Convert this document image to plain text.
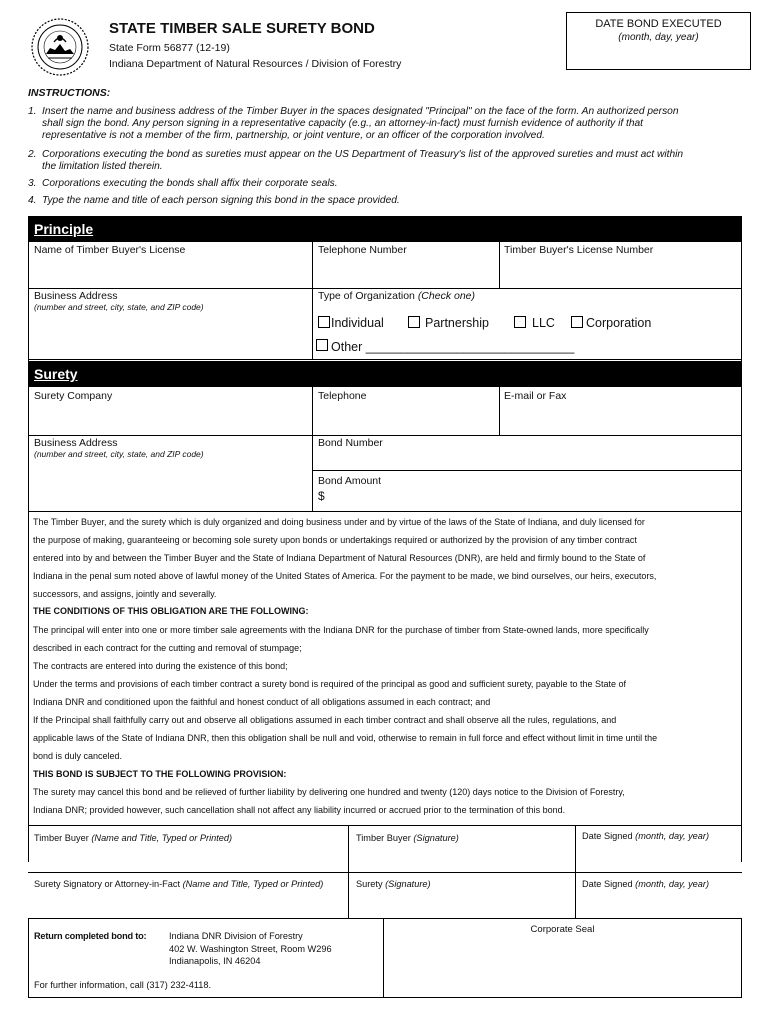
STATE TIMBER SALE SURETY BOND
State Form 56877 (12-19)
Indiana Department of Natural Resources / Division of Forestry
DATE BOND EXECUTED
(month, day, year)
INSTRUCTIONS:
1. Insert the name and business address of the Timber Buyer in the spaces designated "Principal" on the face of the form. An authorized person
shall sign the bond. Any person signing in a representative capacity (e.g., an attorney-in-fact) must furnish evidence of authority if that
representative is not a member of the firm, partnership, or joint venture, or an officer of the corporation involved.
2. Corporations executing the bond as sureties must appear on the US Department of Treasury's list of the approved sureties and must act within
the limitation listed therein.
3. Corporations executing the bonds shall affix their corporate seals.
4. Type the name and title of each person signing this bond in the space provided.
Principle
Name of Timber Buyer's License	Telephone Number	Timber Buyer's License Number
Business Address
(number and street, city, state, and ZIP code)
Type of Organization (Check one)
Individual	Partnership	LLC Corporation
Other ______________________________
Surety
Surety Company	Telephone	E-mail or Fax
Business Address
(number and street, city, state, and ZIP code)
Bond Number
Bond Amount
$
The Timber Buyer, and the surety which is duly organized and doing business under and by virtue of the laws of the State of Indiana, and duly licensed for
the purpose of making, guaranteeing or becoming sole surety upon bonds or undertakings required or authorized by the provision of any timber contract
entered into by and between the Timber Buyer and the State of Indiana Department of Natural Resources (DNR), are held and firmly bound to the State of
Indiana in the penal sum noted above of lawful money of the United States of America. For the payment to be made, we bind ourselves, our heirs, executors,
successors, and assigns, jointly and severally.
THE CONDITIONS OF THIS OBLIGATION ARE THE FOLLOWING:
The principal will enter into one or more timber sale agreements with the Indiana DNR for the purchase of timber from State-owned lands, more specifically
described in each contract for the cutting and removal of stumpage;
The contracts are entered into during the existence of this bond;
Under the terms and provisions of each timber contract a surety bond is required of the principal as good and sufficient surety, payable to the State of
Indiana DNR and conditioned upon the faithful and honest conduct of all obligations assumed in each contract; and
If the Principal shall faithfully carry out and observe all obligations assumed in each timber contract and shall observe all the rules, regulations, and
applicable laws of the State of Indiana DNR, then this obligation shall be null and void, otherwise to remain in full force and effect without limit in time until the
bond is duly canceled.
THIS BOND IS SUBJECT TO THE FOLLOWING PROVISION:
The surety may cancel this bond and be relieved of further liability by delivering one hundred and twenty (120) days notice to the Division of Forestry,
Indiana DNR; provided however, such cancellation shall not affect any liability incurred or accrued prior to the termination of this bond.
Timber Buyer (Name and Title, Typed or Printed)	Timber Buyer (Signature)	Date Signed (month, day, year)
Surety Signatory or Attorney-in-Fact (Name and Title, Typed or Printed)	Surety (Signature)	Date Signed (month, day, year)
Return completed bond to: Indiana DNR Division of Forestry
402 W. Washington Street, Room W296
Indianapolis, IN 46204
For further information, call (317) 232-4118.
Corporate Seal
